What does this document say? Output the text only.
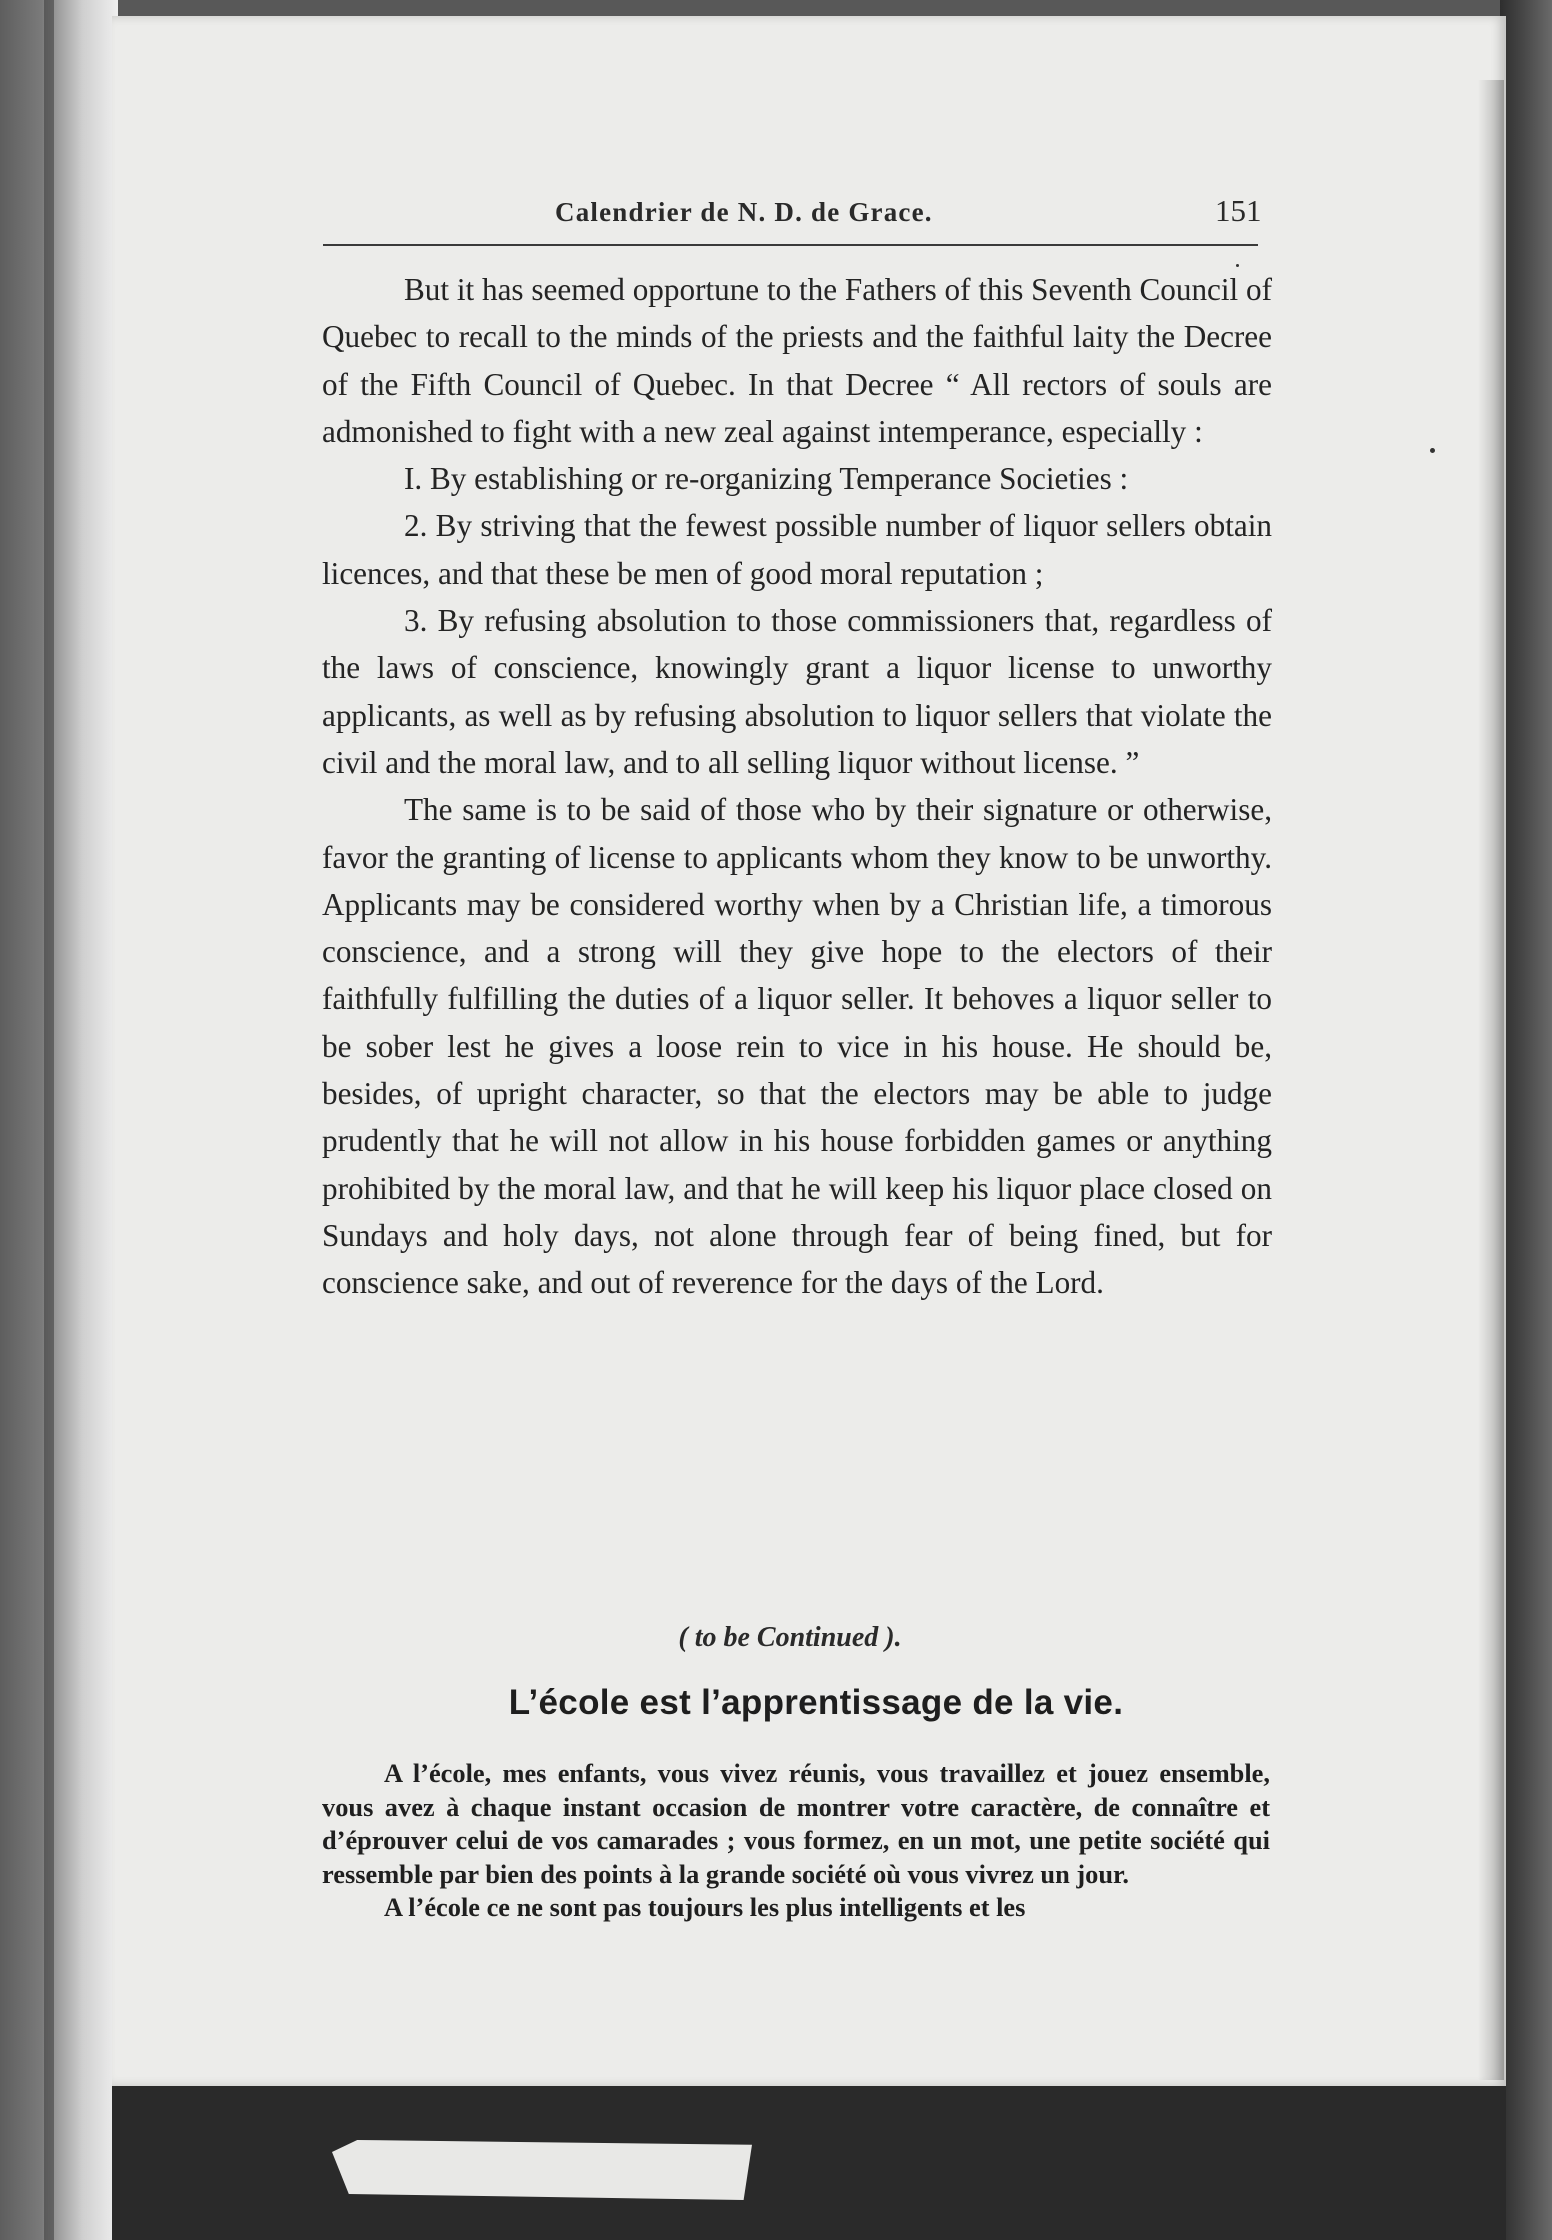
Calendrier de N. D. de Grace.	151

But it has seemed opportune to the Fathers of this Seventh Council of Quebec to recall to the minds of the priests and the faithful laity the Decree of the Fifth Council of Quebec. In that Decree “ All rectors of souls are admonished to fight with a new zeal against intemperance, especially :

I. By establishing or re-organizing Temperance Societies :

2. By striving that the fewest possible number of liquor sellers obtain licences, and that these be men of good moral reputation ;

3. By refusing absolution to those commissioners that, regardless of the laws of conscience, knowingly grant a liquor license to unworthy applicants, as well as by refusing absolution to liquor sellers that violate the civil and the moral law, and to all selling liquor without license. ”

The same is to be said of those who by their signature or otherwise, favor the granting of license to applicants whom they know to be unworthy. Applicants may be considered worthy when by a Christian life, a timorous conscience, and a strong will they give hope to the electors of their faithfully fulfilling the duties of a liquor seller. It behoves a liquor seller to be sober lest he gives a loose rein to vice in his house. He should be, besides, of upright character, so that the electors may be able to judge prudently that he will not allow in his house forbidden games or anything prohibited by the moral law, and that he will keep his liquor place closed on Sundays and holy days, not alone through fear of being fined, but for conscience sake, and out of reverence for the days of the Lord.

( to be Continued ).
L’école est l’apprentissage de la vie.

A l’école, mes enfants, vous vivez réunis, vous travaillez et jouez ensemble, vous avez à chaque instant occasion de montrer votre caractère, de connaître et d’éprouver celui de vos camarades ; vous formez, en un mot, une petite société qui ressemble par bien des points à la grande société où vous vivrez un jour.

A l’école ce ne sont pas toujours les plus intelligents et les
